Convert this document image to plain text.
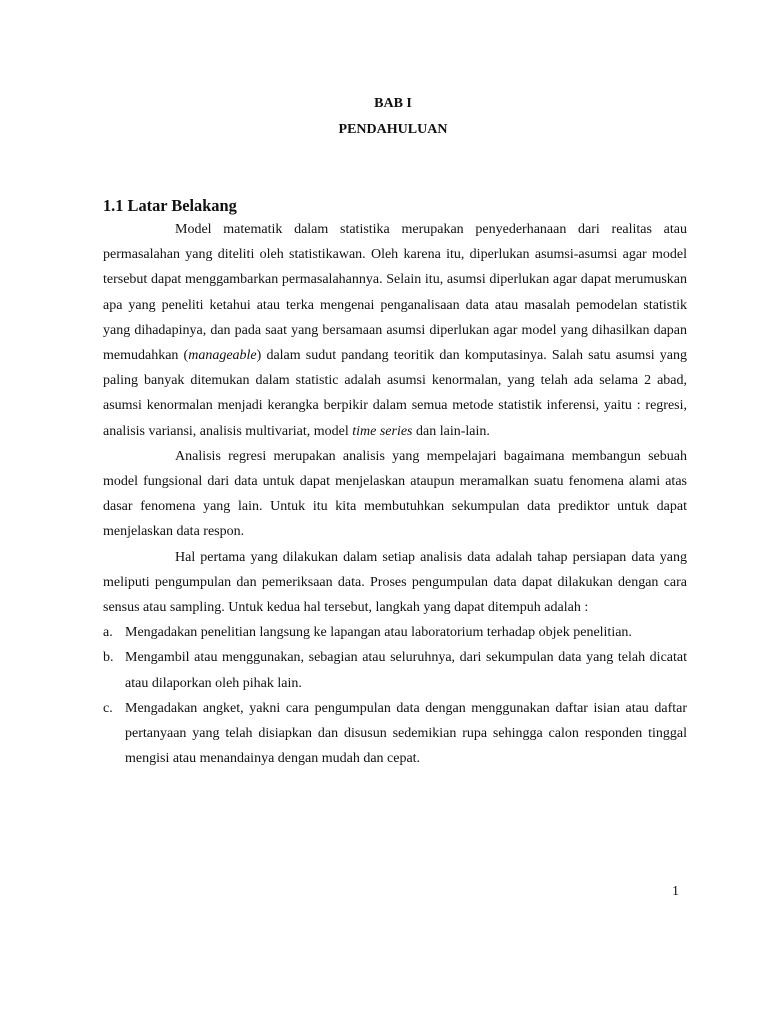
BAB I
PENDAHULUAN
1.1 Latar Belakang

Model matematik dalam statistika merupakan penyederhanaan dari realitas atau permasalahan yang diteliti oleh statistikawan. Oleh karena itu, diperlukan asumsi-asumsi agar model tersebut dapat menggambarkan permasalahannya. Selain itu, asumsi diperlukan agar dapat merumuskan apa yang peneliti ketahui atau terka mengenai penganalisaan data atau masalah pemodelan statistik yang dihadapinya, dan pada saat yang bersamaan asumsi diperlukan agar model yang dihasilkan dapan memudahkan (manageable) dalam sudut pandang teoritik dan komputasinya. Salah satu asumsi yang paling banyak ditemukan dalam statistic adalah asumsi kenormalan, yang telah ada selama 2 abad, asumsi kenormalan menjadi kerangka berpikir dalam semua metode statistik inferensi, yaitu : regresi, analisis variansi, analisis multivariat, model time series dan lain-lain.

Analisis regresi merupakan analisis yang mempelajari bagaimana membangun sebuah model fungsional dari data untuk dapat menjelaskan ataupun meramalkan suatu fenomena alami atas dasar fenomena yang lain. Untuk itu kita membutuhkan sekumpulan data prediktor untuk dapat menjelaskan data respon.

Hal pertama yang dilakukan dalam setiap analisis data adalah tahap persiapan data yang meliputi pengumpulan dan pemeriksaan data. Proses pengumpulan data dapat dilakukan dengan cara sensus atau sampling. Untuk kedua hal tersebut, langkah yang dapat ditempuh adalah :

a. Mengadakan penelitian langsung ke lapangan atau laboratorium terhadap objek penelitian.
b. Mengambil atau menggunakan, sebagian atau seluruhnya, dari sekumpulan data yang telah dicatat atau dilaporkan oleh pihak lain.
c. Mengadakan angket, yakni cara pengumpulan data dengan menggunakan daftar isian atau daftar pertanyaan yang telah disiapkan dan disusun sedemikian rupa sehingga calon responden tinggal mengisi atau menandainya dengan mudah dan cepat.

1
